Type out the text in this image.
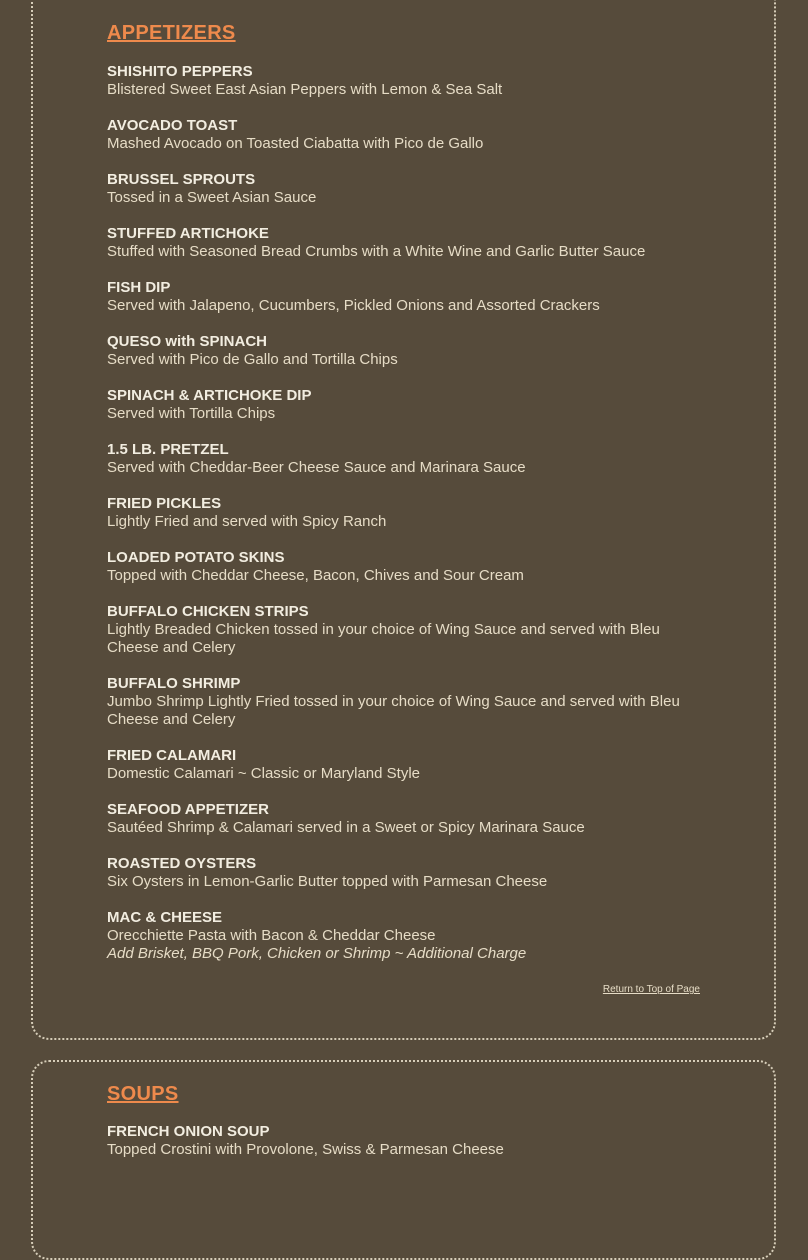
APPETIZERS
SHISHITO PEPPERS
Blistered Sweet East Asian Peppers with Lemon & Sea Salt
AVOCADO TOAST
Mashed Avocado on Toasted Ciabatta with Pico de Gallo
BRUSSEL SPROUTS
Tossed in a Sweet Asian Sauce
STUFFED ARTICHOKE
Stuffed with Seasoned Bread Crumbs with a White Wine and Garlic Butter Sauce
FISH DIP
Served with Jalapeno, Cucumbers, Pickled Onions and Assorted Crackers
QUESO with SPINACH
Served with Pico de Gallo and Tortilla Chips
SPINACH & ARTICHOKE DIP
Served with Tortilla Chips
1.5 LB. PRETZEL
Served with Cheddar-Beer Cheese Sauce and Marinara Sauce
FRIED PICKLES
Lightly Fried and served with Spicy Ranch
LOADED POTATO SKINS
Topped with Cheddar Cheese, Bacon, Chives and Sour Cream
BUFFALO CHICKEN STRIPS
Lightly Breaded Chicken tossed in your choice of Wing Sauce and served with Bleu Cheese and Celery
BUFFALO SHRIMP
Jumbo Shrimp Lightly Fried tossed in your choice of Wing Sauce and served with Bleu Cheese and Celery
FRIED CALAMARI
Domestic Calamari ~ Classic or Maryland Style
SEAFOOD APPETIZER
Sautéed Shrimp & Calamari served in a Sweet or Spicy Marinara Sauce
ROASTED OYSTERS
Six Oysters in Lemon-Garlic Butter topped with Parmesan Cheese
MAC & CHEESE
Orecchiette Pasta with Bacon & Cheddar Cheese
Add Brisket, BBQ Pork, Chicken or Shrimp ~ Additional Charge
Return to Top of Page
SOUPS
FRENCH ONION SOUP
Topped Crostini with Provolone, Swiss & Parmesan Cheese
